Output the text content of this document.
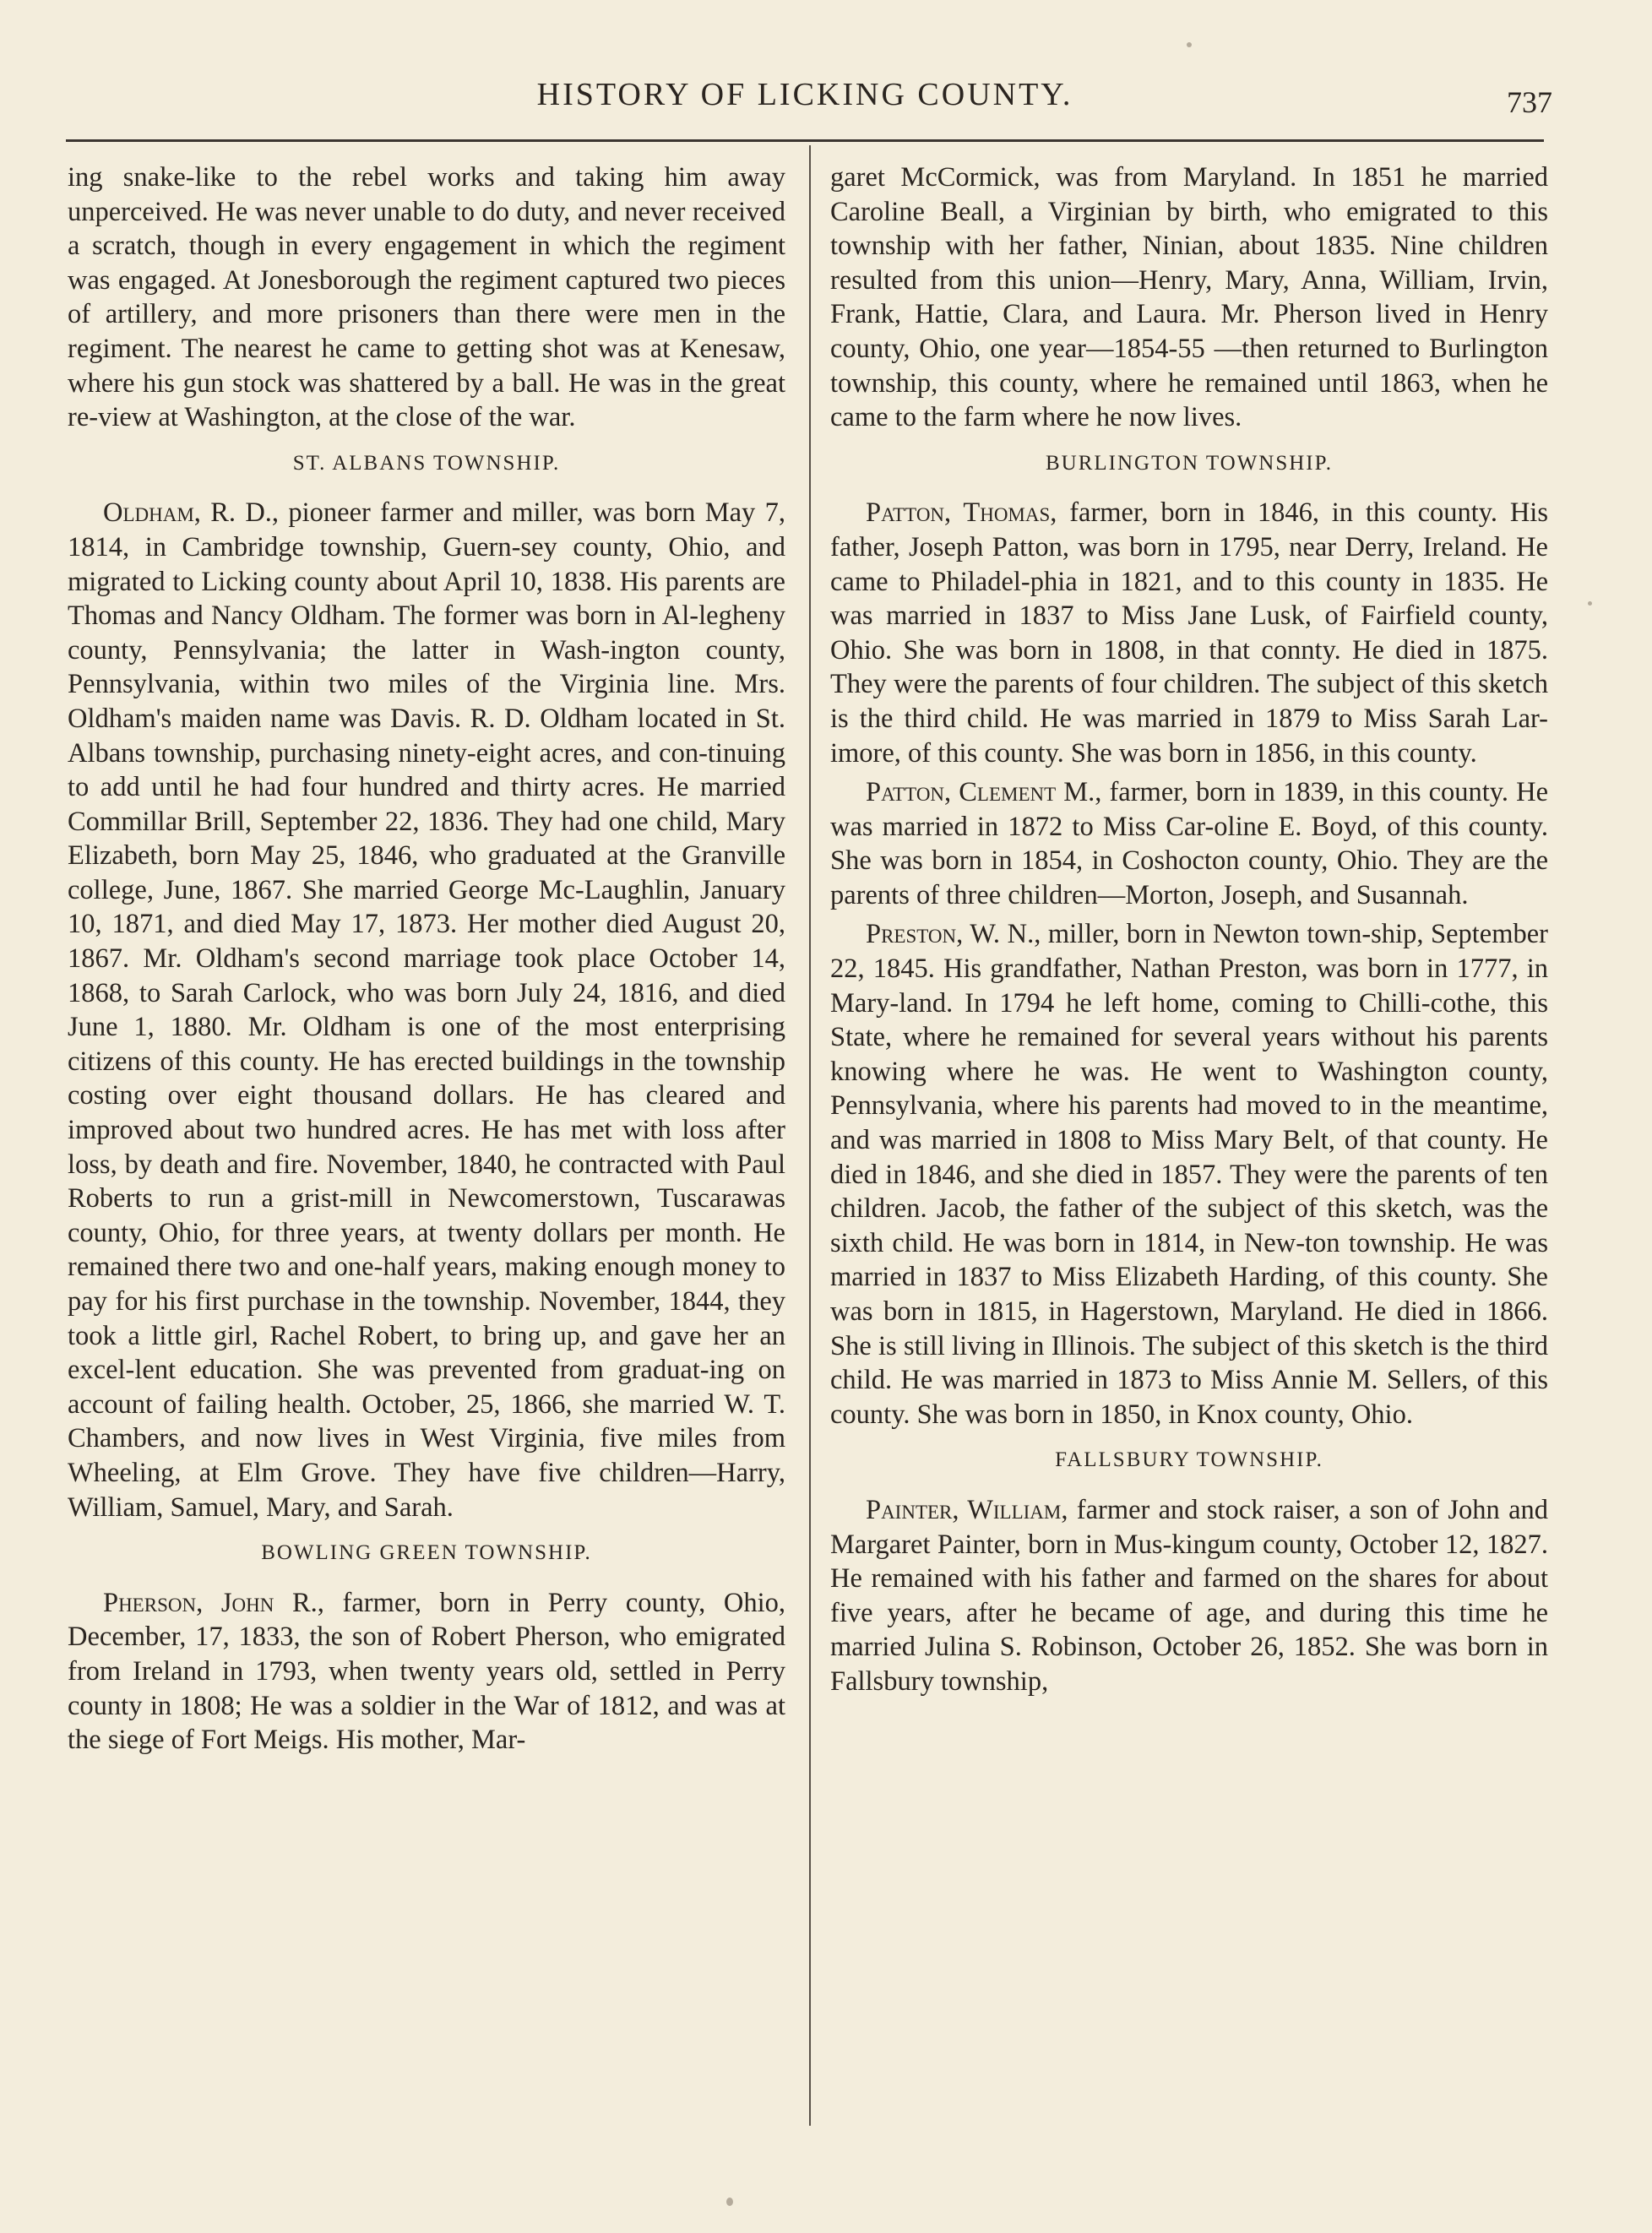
HISTORY OF LICKING COUNTY.	737

ing snake-like to the rebel works and taking him away unperceived. He was never unable to do duty, and never received a scratch, though in every engagement in which the regiment was engaged. At Jonesborough the regiment captured two pieces of artillery, and more prisoners than there were men in the regiment. The nearest he came to getting shot was at Kenesaw, where his gun stock was shattered by a ball. He was in the great re-view at Washington, at the close of the war.

ST. ALBANS TOWNSHIP.

Oldham, R. D., pioneer farmer and miller, was born May 7, 1814, in Cambridge township, Guern-sey county, Ohio, and migrated to Licking county about April 10, 1838. His parents are Thomas and Nancy Oldham. The former was born in Al-legheny county, Pennsylvania; the latter in Wash-ington county, Pennsylvania, within two miles of the Virginia line. Mrs. Oldham's maiden name was Davis. R. D. Oldham located in St. Albans township, purchasing ninety-eight acres, and con-tinuing to add until he had four hundred and thirty acres. He married Commillar Brill, September 22, 1836. They had one child, Mary Elizabeth, born May 25, 1846, who graduated at the Granville college, June, 1867. She married George Mc-Laughlin, January 10, 1871, and died May 17, 1873. Her mother died August 20, 1867. Mr. Oldham's second marriage took place October 14, 1868, to Sarah Carlock, who was born July 24, 1816, and died June 1, 1880. Mr. Oldham is one of the most enterprising citizens of this county. He has erected buildings in the township costing over eight thousand dollars. He has cleared and improved about two hundred acres. He has met with loss after loss, by death and fire. November, 1840, he contracted with Paul Roberts to run a grist-mill in Newcomerstown, Tuscarawas county, Ohio, for three years, at twenty dollars per month. He remained there two and one-half years, making enough money to pay for his first purchase in the township. November, 1844, they took a little girl, Rachel Robert, to bring up, and gave her an excel-lent education. She was prevented from graduat-ing on account of failing health. October, 25, 1866, she married W. T. Chambers, and now lives in West Virginia, five miles from Wheeling, at Elm Grove. They have five children—Harry, William, Samuel, Mary, and Sarah.

BOWLING GREEN TOWNSHIP.

Pherson, John R., farmer, born in Perry county, Ohio, December, 17, 1833, the son of Robert Pherson, who emigrated from Ireland in 1793, when twenty years old, settled in Perry county in 1808; He was a soldier in the War of 1812, and was at the siege of Fort Meigs. His mother, Mar-

garet McCormick, was from Maryland. In 1851 he married Caroline Beall, a Virginian by birth, who emigrated to this township with her father, Ninian, about 1835. Nine children resulted from this union—Henry, Mary, Anna, William, Irvin, Frank, Hattie, Clara, and Laura. Mr. Pherson lived in Henry county, Ohio, one year—1854-55 —then returned to Burlington township, this county, where he remained until 1863, when he came to the farm where he now lives.

BURLINGTON TOWNSHIP.

Patton, Thomas, farmer, born in 1846, in this county. His father, Joseph Patton, was born in 1795, near Derry, Ireland. He came to Philadel-phia in 1821, and to this county in 1835. He was married in 1837 to Miss Jane Lusk, of Fairfield county, Ohio. She was born in 1808, in that connty. He died in 1875. They were the parents of four children. The subject of this sketch is the third child. He was married in 1879 to Miss Sarah Lar-imore, of this county. She was born in 1856, in this county.

Patton, Clement M., farmer, born in 1839, in this county. He was married in 1872 to Miss Car-oline E. Boyd, of this county. She was born in 1854, in Coshocton county, Ohio. They are the parents of three children—Morton, Joseph, and Susannah.

Preston, W. N., miller, born in Newton town-ship, September 22, 1845. His grandfather, Nathan Preston, was born in 1777, in Mary-land. In 1794 he left home, coming to Chilli-cothe, this State, where he remained for several years without his parents knowing where he was. He went to Washington county, Pennsylvania, where his parents had moved to in the meantime, and was married in 1808 to Miss Mary Belt, of that county. He died in 1846, and she died in 1857. They were the parents of ten children. Jacob, the father of the subject of this sketch, was the sixth child. He was born in 1814, in New-ton township. He was married in 1837 to Miss Elizabeth Harding, of this county. She was born in 1815, in Hagerstown, Maryland. He died in 1866. She is still living in Illinois. The subject of this sketch is the third child. He was married in 1873 to Miss Annie M. Sellers, of this county. She was born in 1850, in Knox county, Ohio.

FALLSBURY TOWNSHIP.

Painter, William, farmer and stock raiser, a son of John and Margaret Painter, born in Mus-kingum county, October 12, 1827. He remained with his father and farmed on the shares for about five years, after he became of age, and during this time he married Julina S. Robinson, October 26, 1852. She was born in Fallsbury township,
